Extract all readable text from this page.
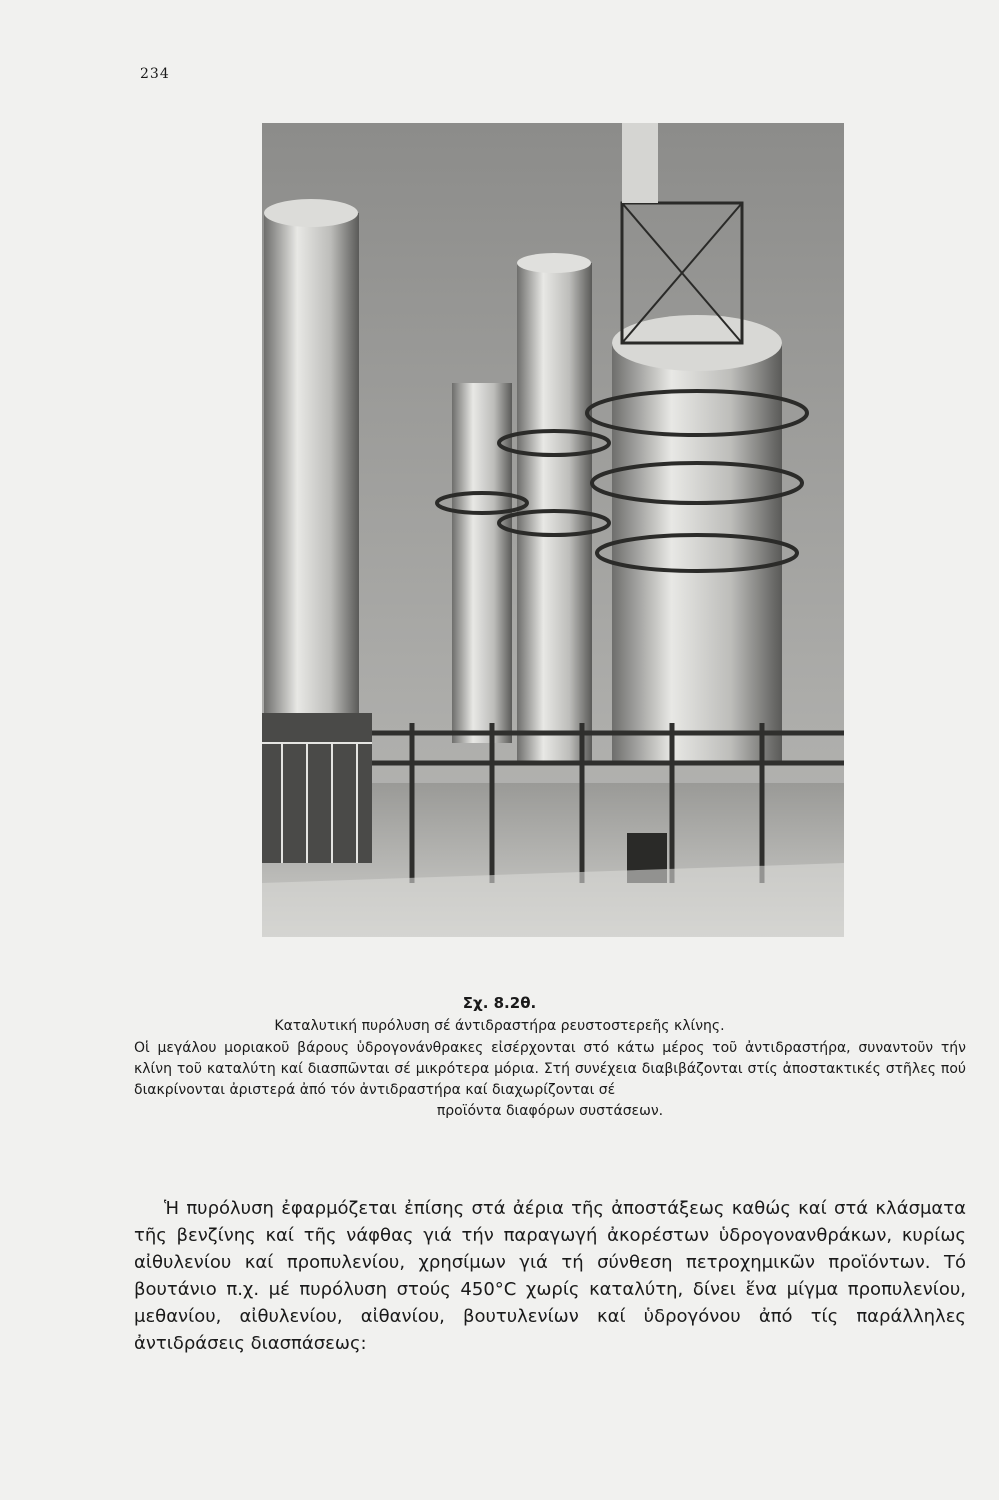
234
Σχ. 8.2θ.
Καταλυτική πυρόλυση σέ άντιδραστήρα ρευστοστερεῆς κλίνης.
Οἱ μεγάλου μοριακοῦ βάρους ὑδρογονάνθρακες εἰσέρχονται στό κάτω μέρος τοῦ ἀντιδραστήρα, συναντοῦν τήν κλίνη τοῦ καταλύτη καί διασπῶνται σέ μικρότερα μόρια. Στή συνέχεια διαβιβάζονται στίς ἀποστακτικές στῆλες πού διακρίνονται ἀριστερά ἀπό τόν ἀντιδραστήρα καί διαχωρίζονται σέ
προϊόντα διαφόρων συστάσεων.
Ἡ πυρόλυση ἐφαρμόζεται ἐπίσης στά ἀέρια τῆς ἀποστάξεως καθώς καί στά κλάσματα τῆς βενζίνης καί τῆς νάφθας γιά τήν παραγωγή ἀκορέστων ὑδρογονανθράκων, κυρίως αἰθυλενίου καί προπυλενίου, χρησίμων γιά τή σύνθεση πετροχημικῶν προϊόντων. Τό βουτάνιο π.χ. μέ πυρόλυση στούς 450°C χωρίς καταλύτη, δίνει ἕνα μίγμα προπυλενίου, μεθανίου, αἰθυλενίου, αἰθανίου, βουτυλενίων καί ὑδρογόνου ἀπό τίς παράλληλες ἀντιδράσεις διασπάσεως:
